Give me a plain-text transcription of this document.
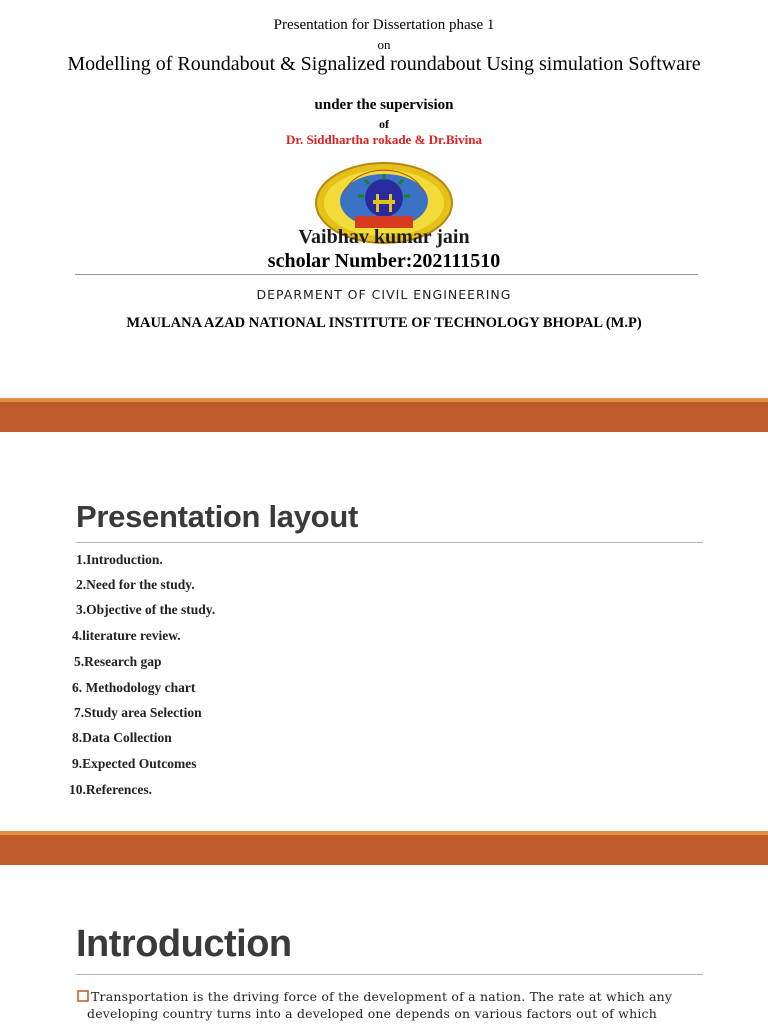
Presentation for Dissertation phase 1
on
Modelling of Roundabout & Signalized roundabout Using simulation Software
under the supervision
of
Dr. Siddhartha rokade & Dr.Bivina
Vaibhav kumar jain
scholar Number:202111510
DEPARMENT OF CIVIL ENGINEERING
MAULANA AZAD NATIONAL INSTITUTE OF TECHNOLOGY BHOPAL (M.P)
Presentation layout
1.Introduction.
2.Need for the study.
3.Objective of the study.
4.literature review.
5.Research gap
6. Methodology chart
7.Study area Selection
8.Data Collection
9.Expected Outcomes
10.References.
Introduction
Transportation is the driving force of the development of a nation. The rate at which any
developing country turns into a developed one depends on various factors out of which
